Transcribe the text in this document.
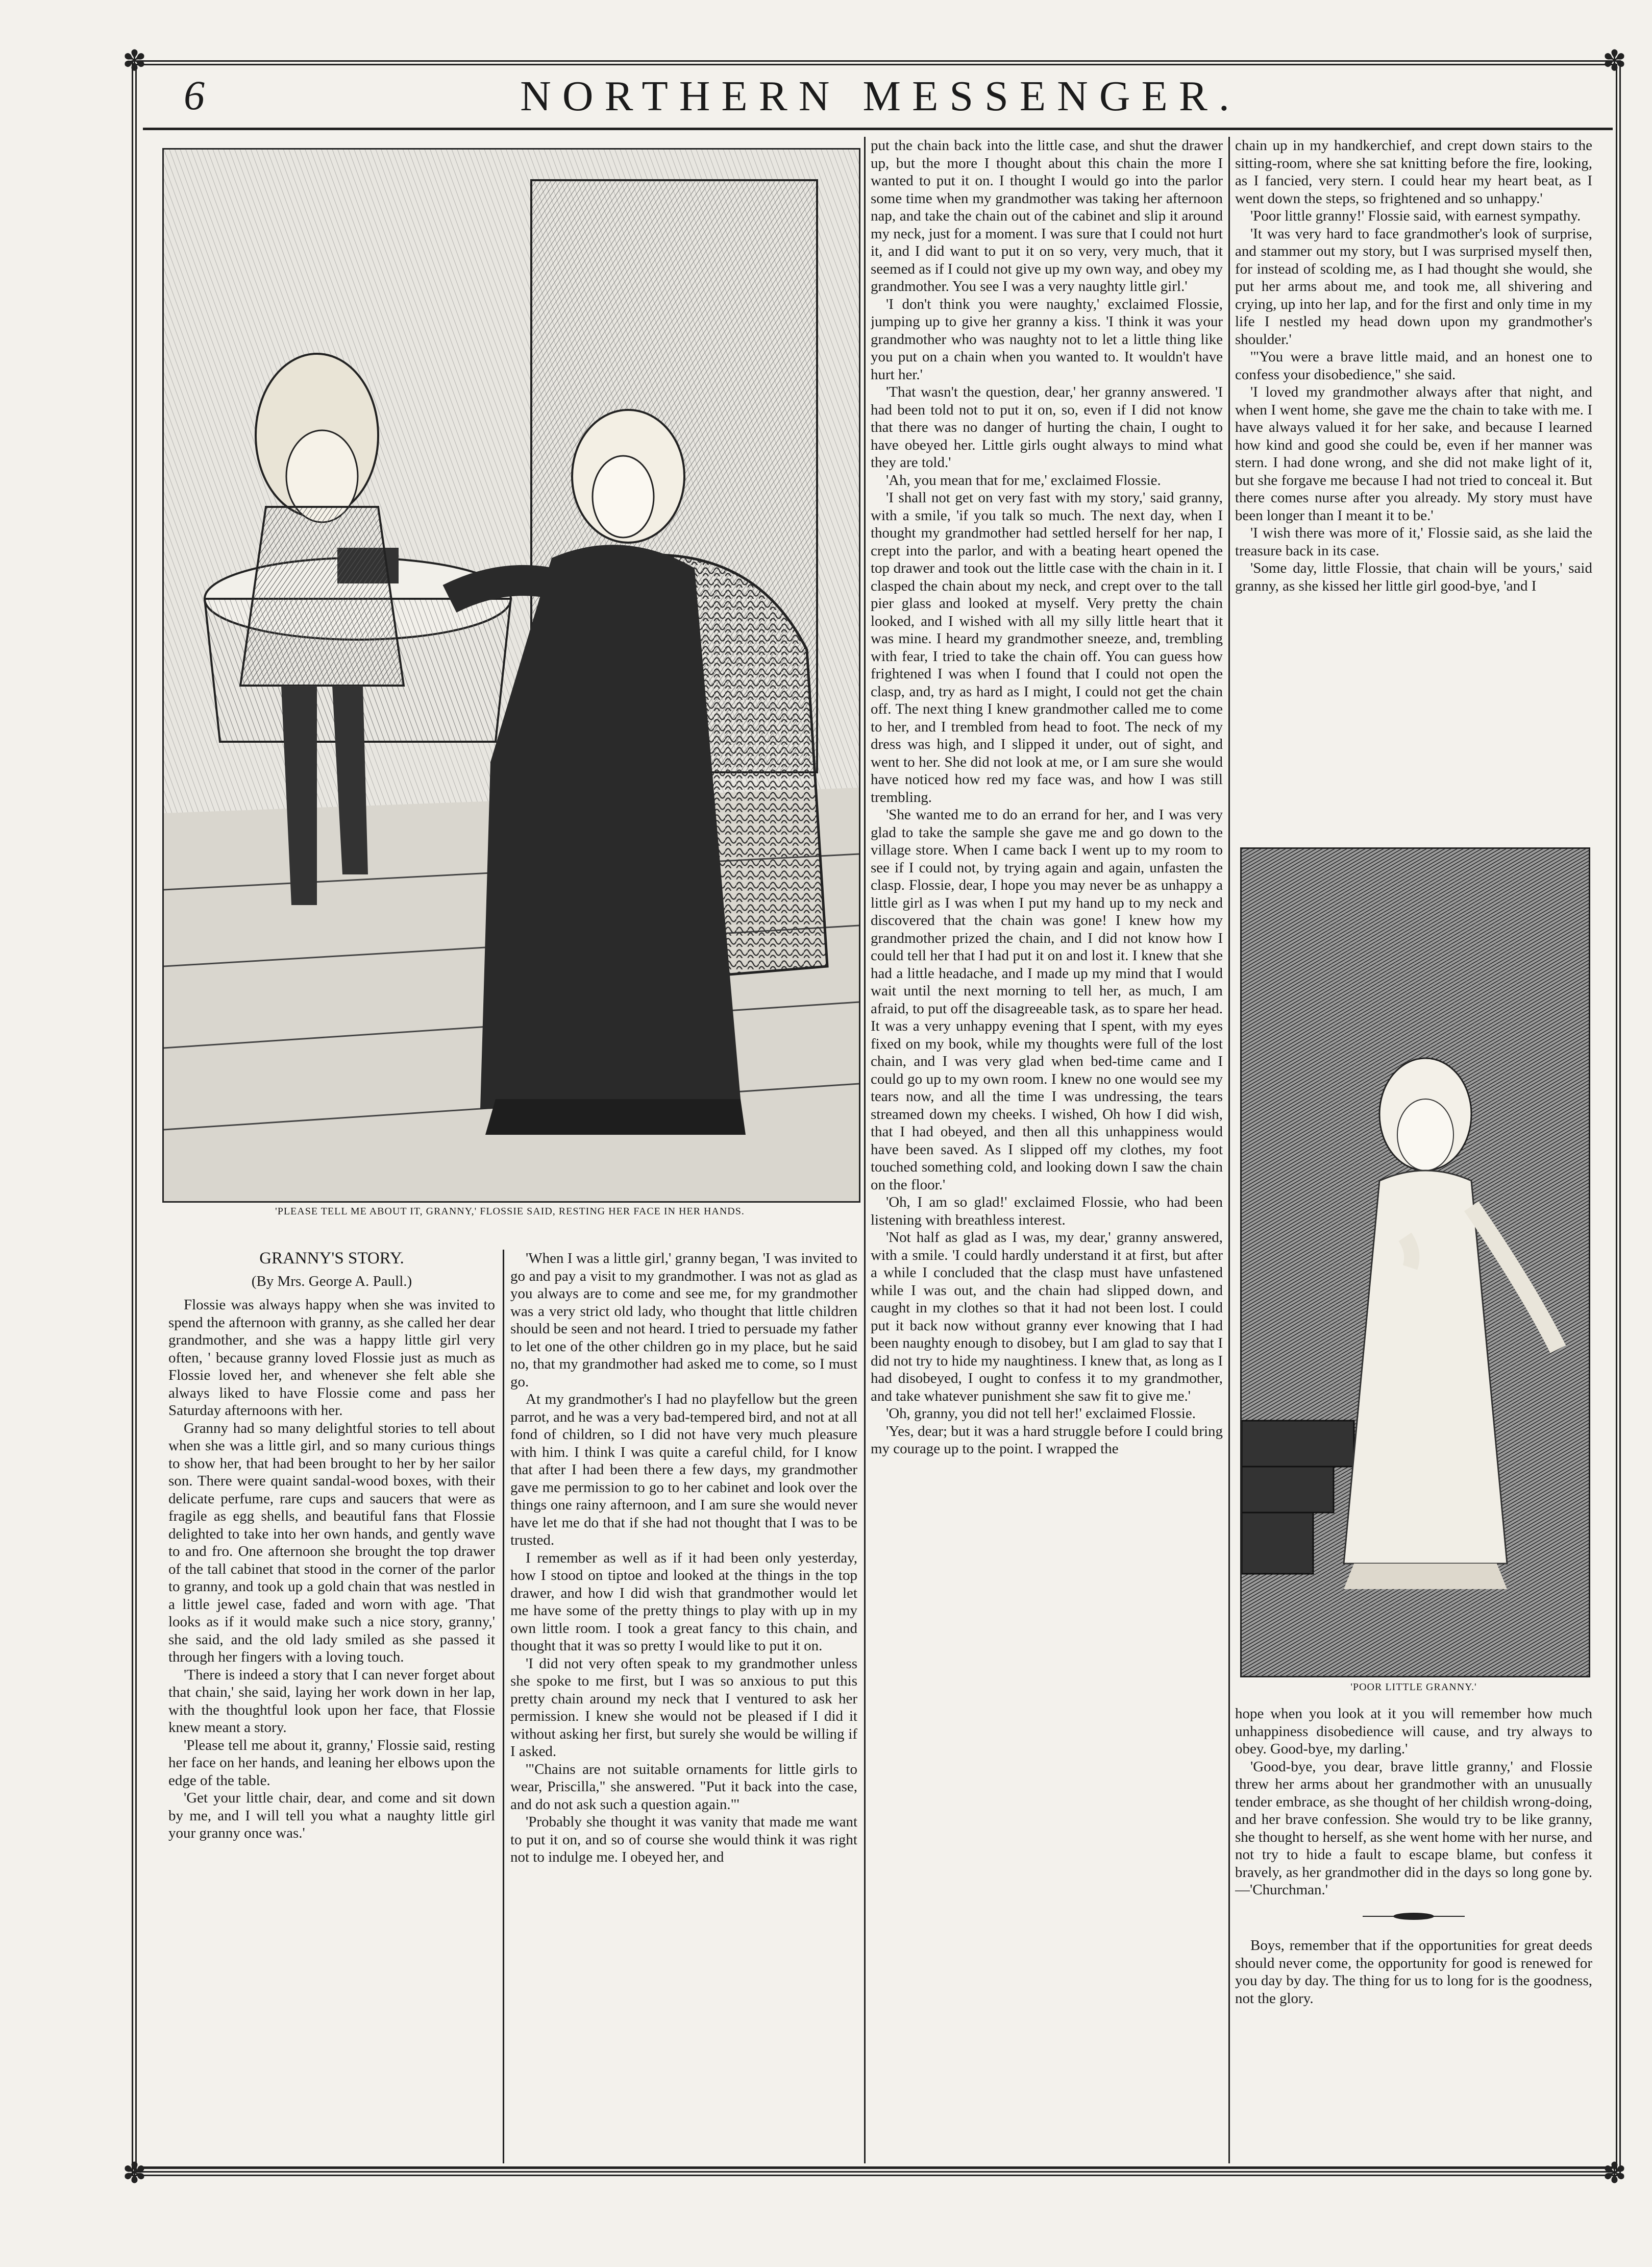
✽	✽
✽	✽
6	NORTHERN MESSENGER.
'PLEASE TELL ME ABOUT IT, GRANNY,' FLOSSIE SAID, RESTING HER FACE IN HER HANDS.
GRANNY'S STORY.

(By Mrs. George A. Paull.)

Flossie was always happy when she was invited to spend the afternoon with granny, as she called her dear grandmother, and she was a happy little girl very often, ' because granny loved Flossie just as much as Flossie loved her, and whenever she felt able she always liked to have Flossie come and pass her Saturday afternoons with her.

Granny had so many delightful stories to tell about when she was a little girl, and so many curious things to show her, that had been brought to her by her sailor son. There were quaint sandal-wood boxes, with their delicate perfume, rare cups and saucers that were as fragile as egg shells, and beautiful fans that Flossie delighted to take into her own hands, and gently wave to and fro. One afternoon she brought the top drawer of the tall cabinet that stood in the corner of the parlor to granny, and took up a gold chain that was nestled in a little jewel case, faded and worn with age. 'That looks as if it would make such a nice story, granny,' she said, and the old lady smiled as she passed it through her fingers with a loving touch.

'There is indeed a story that I can never forget about that chain,' she said, laying her work down in her lap, with the thoughtful look upon her face, that Flossie knew meant a story.

'Please tell me about it, granny,' Flossie said, resting her face on her hands, and leaning her elbows upon the edge of the table.

'Get your little chair, dear, and come and sit down by me, and I will tell you what a naughty little girl your granny once was.'

'When I was a little girl,' granny began, 'I was invited to go and pay a visit to my grandmother. I was not as glad as you always are to come and see me, for my grandmother was a very strict old lady, who thought that little children should be seen and not heard. I tried to persuade my father to let one of the other children go in my place, but he said no, that my grandmother had asked me to come, so I must go.

At my grandmother's I had no playfellow but the green parrot, and he was a very bad-tempered bird, and not at all fond of children, so I did not have very much pleasure with him. I think I was quite a careful child, for I know that after I had been there a few days, my grandmother gave me permission to go to her cabinet and look over the things one rainy afternoon, and I am sure she would never have let me do that if she had not thought that I was to be trusted.

I remember as well as if it had been only yesterday, how I stood on tiptoe and looked at the things in the top drawer, and how I did wish that grandmother would let me have some of the pretty things to play with up in my own little room. I took a great fancy to this chain, and thought that it was so pretty I would like to put it on.

'I did not very often speak to my grandmother unless she spoke to me first, but I was so anxious to put this pretty chain around my neck that I ventured to ask her permission. I knew she would not be pleased if I did it without asking her first, but surely she would be willing if I asked.

'"Chains are not suitable ornaments for little girls to wear, Priscilla," she answered. "Put it back into the case, and do not ask such a question again."'

'Probably she thought it was vanity that made me want to put it on, and so of course she would think it was right not to indulge me. I obeyed her, and

put the chain back into the little case, and shut the drawer up, but the more I thought about this chain the more I wanted to put it on. I thought I would go into the parlor some time when my grandmother was taking her afternoon nap, and take the chain out of the cabinet and slip it around my neck, just for a moment. I was sure that I could not hurt it, and I did want to put it on so very, very much, that it seemed as if I could not give up my own way, and obey my grandmother. You see I was a very naughty little girl.'

'I don't think you were naughty,' exclaimed Flossie, jumping up to give her granny a kiss. 'I think it was your grandmother who was naughty not to let a little thing like you put on a chain when you wanted to. It wouldn't have hurt her.'

'That wasn't the question, dear,' her granny answered. 'I had been told not to put it on, so, even if I did not know that there was no danger of hurting the chain, I ought to have obeyed her. Little girls ought always to mind what they are told.'

'Ah, you mean that for me,' exclaimed Flossie.

'I shall not get on very fast with my story,' said granny, with a smile, 'if you talk so much. The next day, when I thought my grandmother had settled herself for her nap, I crept into the parlor, and with a beating heart opened the top drawer and took out the little case with the chain in it. I clasped the chain about my neck, and crept over to the tall pier glass and looked at myself. Very pretty the chain looked, and I wished with all my silly little heart that it was mine. I heard my grandmother sneeze, and, trembling with fear, I tried to take the chain off. You can guess how frightened I was when I found that I could not open the clasp, and, try as hard as I might, I could not get the chain off. The next thing I knew grandmother called me to come to her, and I trembled from head to foot. The neck of my dress was high, and I slipped it under, out of sight, and went to her. She did not look at me, or I am sure she would have noticed how red my face was, and how I was still trembling.

'She wanted me to do an errand for her, and I was very glad to take the sample she gave me and go down to the village store. When I came back I went up to my room to see if I could not, by trying again and again, unfasten the clasp. Flossie, dear, I hope you may never be as unhappy a little girl as I was when I put my hand up to my neck and discovered that the chain was gone! I knew how my grandmother prized the chain, and I did not know how I could tell her that I had put it on and lost it. I knew that she had a little headache, and I made up my mind that I would wait until the next morning to tell her, as much, I am afraid, to put off the disagreeable task, as to spare her head. It was a very unhappy evening that I spent, with my eyes fixed on my book, while my thoughts were full of the lost chain, and I was very glad when bed-time came and I could go up to my own room. I knew no one would see my tears now, and all the time I was undressing, the tears streamed down my cheeks. I wished, Oh how I did wish, that I had obeyed, and then all this unhappiness would have been saved. As I slipped off my clothes, my foot touched something cold, and looking down I saw the chain on the floor.'

'Oh, I am so glad!' exclaimed Flossie, who had been listening with breathless interest.

'Not half as glad as I was, my dear,' granny answered, with a smile. 'I could hardly understand it at first, but after a while I concluded that the clasp must have unfastened while I was out, and the chain had slipped down, and caught in my clothes so that it had not been lost. I could put it back now without granny ever knowing that I had been naughty enough to disobey, but I am glad to say that I did not try to hide my naughtiness. I knew that, as long as I had disobeyed, I ought to confess it to my grandmother, and take whatever punishment she saw fit to give me.'

'Oh, granny, you did not tell her!' exclaimed Flossie.

'Yes, dear; but it was a hard struggle before I could bring my courage up to the point. I wrapped the

chain up in my handkerchief, and crept down stairs to the sitting-room, where she sat knitting before the fire, looking, as I fancied, very stern. I could hear my heart beat, as I went down the steps, so frightened and so unhappy.'

'Poor little granny!' Flossie said, with earnest sympathy.

'It was very hard to face grandmother's look of surprise, and stammer out my story, but I was surprised myself then, for instead of scolding me, as I had thought she would, she put her arms about me, and took me, all shivering and crying, up into her lap, and for the first and only time in my life I nestled my head down upon my grandmother's shoulder.'

'"You were a brave little maid, and an honest one to confess your disobedience," she said.

'I loved my grandmother always after that night, and when I went home, she gave me the chain to take with me. I have always valued it for her sake, and because I learned how kind and good she could be, even if her manner was stern. I had done wrong, and she did not make light of it, but she forgave me because I had not tried to conceal it. But there comes nurse after you already. My story must have been longer than I meant it to be.'

'I wish there was more of it,' Flossie said, as she laid the treasure back in its case.

'Some day, little Flossie, that chain will be yours,' said granny, as she kissed her little girl good-bye, 'and I

'POOR LITTLE GRANNY.'

hope when you look at it you will remember how much unhappiness disobedience will cause, and try always to obey. Good-bye, my darling.'

'Good-bye, you dear, brave little granny,' and Flossie threw her arms about her grandmother with an unusually tender embrace, as she thought of her childish wrong-doing, and her brave confession. She would try to be like granny, she thought to herself, as she went home with her nurse, and not try to hide a fault to escape blame, but confess it bravely, as her grandmother did in the days so long gone by.—'Churchman.'

Boys, remember that if the opportunities for great deeds should never come, the opportunity for good is renewed for you day by day. The thing for us to long for is the goodness, not the glory.
